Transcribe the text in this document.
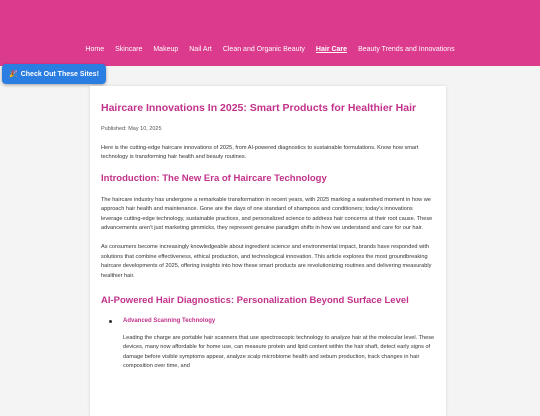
Home Skincare Makeup Nail Art Clean and Organic Beauty Hair Care Beauty Trends and Innovations
🎉 Check Out These Sites!
Haircare Innovations In 2025: Smart Products for Healthier Hair
Published: May 10, 2025

Here is the cutting-edge haircare innovations of 2025, from AI-powered diagnostics to sustainable formulations. Know how smart technology is transforming hair health and beauty routines.

Introduction: The New Era of Haircare Technology

The haircare industry has undergone a remarkable transformation in recent years, with 2025 marking a watershed moment in how we approach hair health and maintenance. Gone are the days of one standard of shampoos and conditioners; today's innovations leverage cutting-edge technology, sustainable practices, and personalized science to address hair concerns at their root cause. These advancements aren't just marketing gimmicks, they represent genuine paradigm shifts in how we understand and care for our hair.

As consumers become increasingly knowledgeable about ingredient science and environmental impact, brands have responded with solutions that combine effectiveness, ethical production, and technological innovation. This article explores the most groundbreaking haircare developments of 2025, offering insights into how these smart products are revolutionizing routines and delivering measurably healthier hair.

AI-Powered Hair Diagnostics: Personalization Beyond Surface Level
Advanced Scanning Technology

Leading the charge are portable hair scanners that use spectroscopic technology to analyze hair at the molecular level. These devices, many now affordable for home use, can measure protein and lipid content within the hair shaft, detect early signs of damage before visible symptoms appear, analyze scalp microbiome health and sebum production, track changes in hair composition over time, and
